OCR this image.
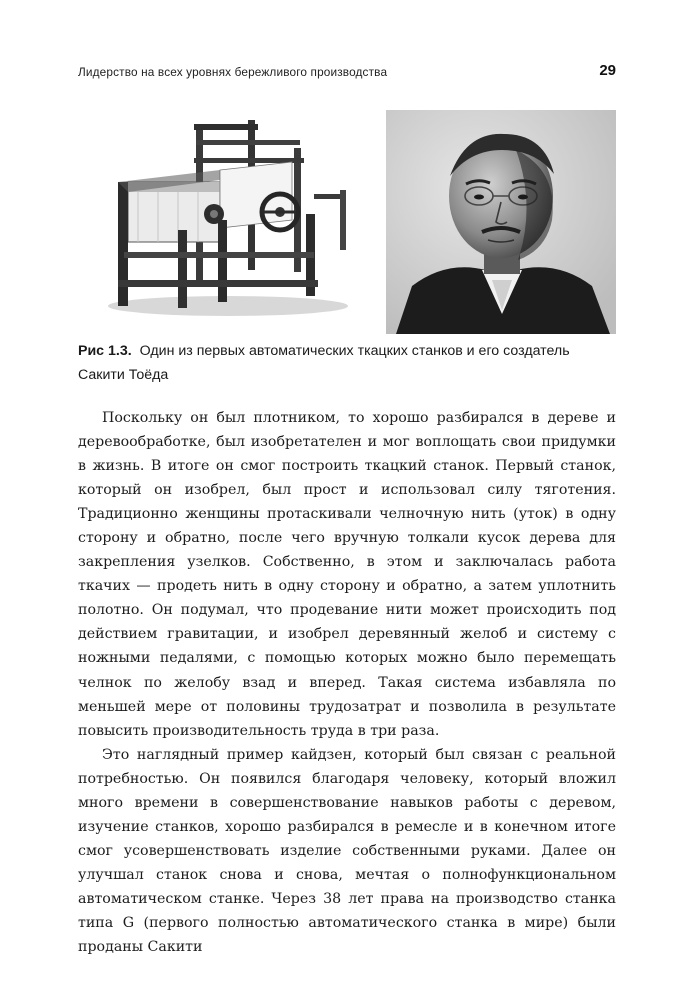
Лидерство на всех уровнях бережливого производства	29
Рис 1.3. Один из первых автоматических ткацких станков и его создатель Сакити Тоёда

Поскольку он был плотником, то хорошо разбирался в дереве и деревообработке, был изобретателен и мог воплощать свои придумки в жизнь. В итоге он смог построить ткацкий станок. Первый станок, который он изобрел, был прост и использовал силу тяготения. Традиционно женщины протаскивали челночную нить (уток) в одну сторону и обратно, после чего вручную толкали кусок дерева для закрепления узелков. Собственно, в этом и заключалась работа ткачих — продеть нить в одну сторону и обратно, а затем уплотнить полотно. Он подумал, что продевание нити может происходить под действием гравитации, и изобрел деревянный желоб и систему с ножными педалями, с помощью которых можно было перемещать челнок по желобу взад и вперед. Такая система избавляла по меньшей мере от половины трудозатрат и позволила в результате повысить производительность труда в три раза.

Это наглядный пример кайдзен, который был связан с реальной потребностью. Он появился благодаря человеку, который вложил много времени в совершенствование навыков работы с деревом, изучение станков, хорошо разбирался в ремесле и в конечном итоге смог усовершенствовать изделие собственными руками. Далее он улучшал станок снова и снова, мечтая о полнофункциональном автоматическом станке. Через 38 лет права на производство станка типа G (первого полностью автоматического станка в мире) были проданы Сакити
